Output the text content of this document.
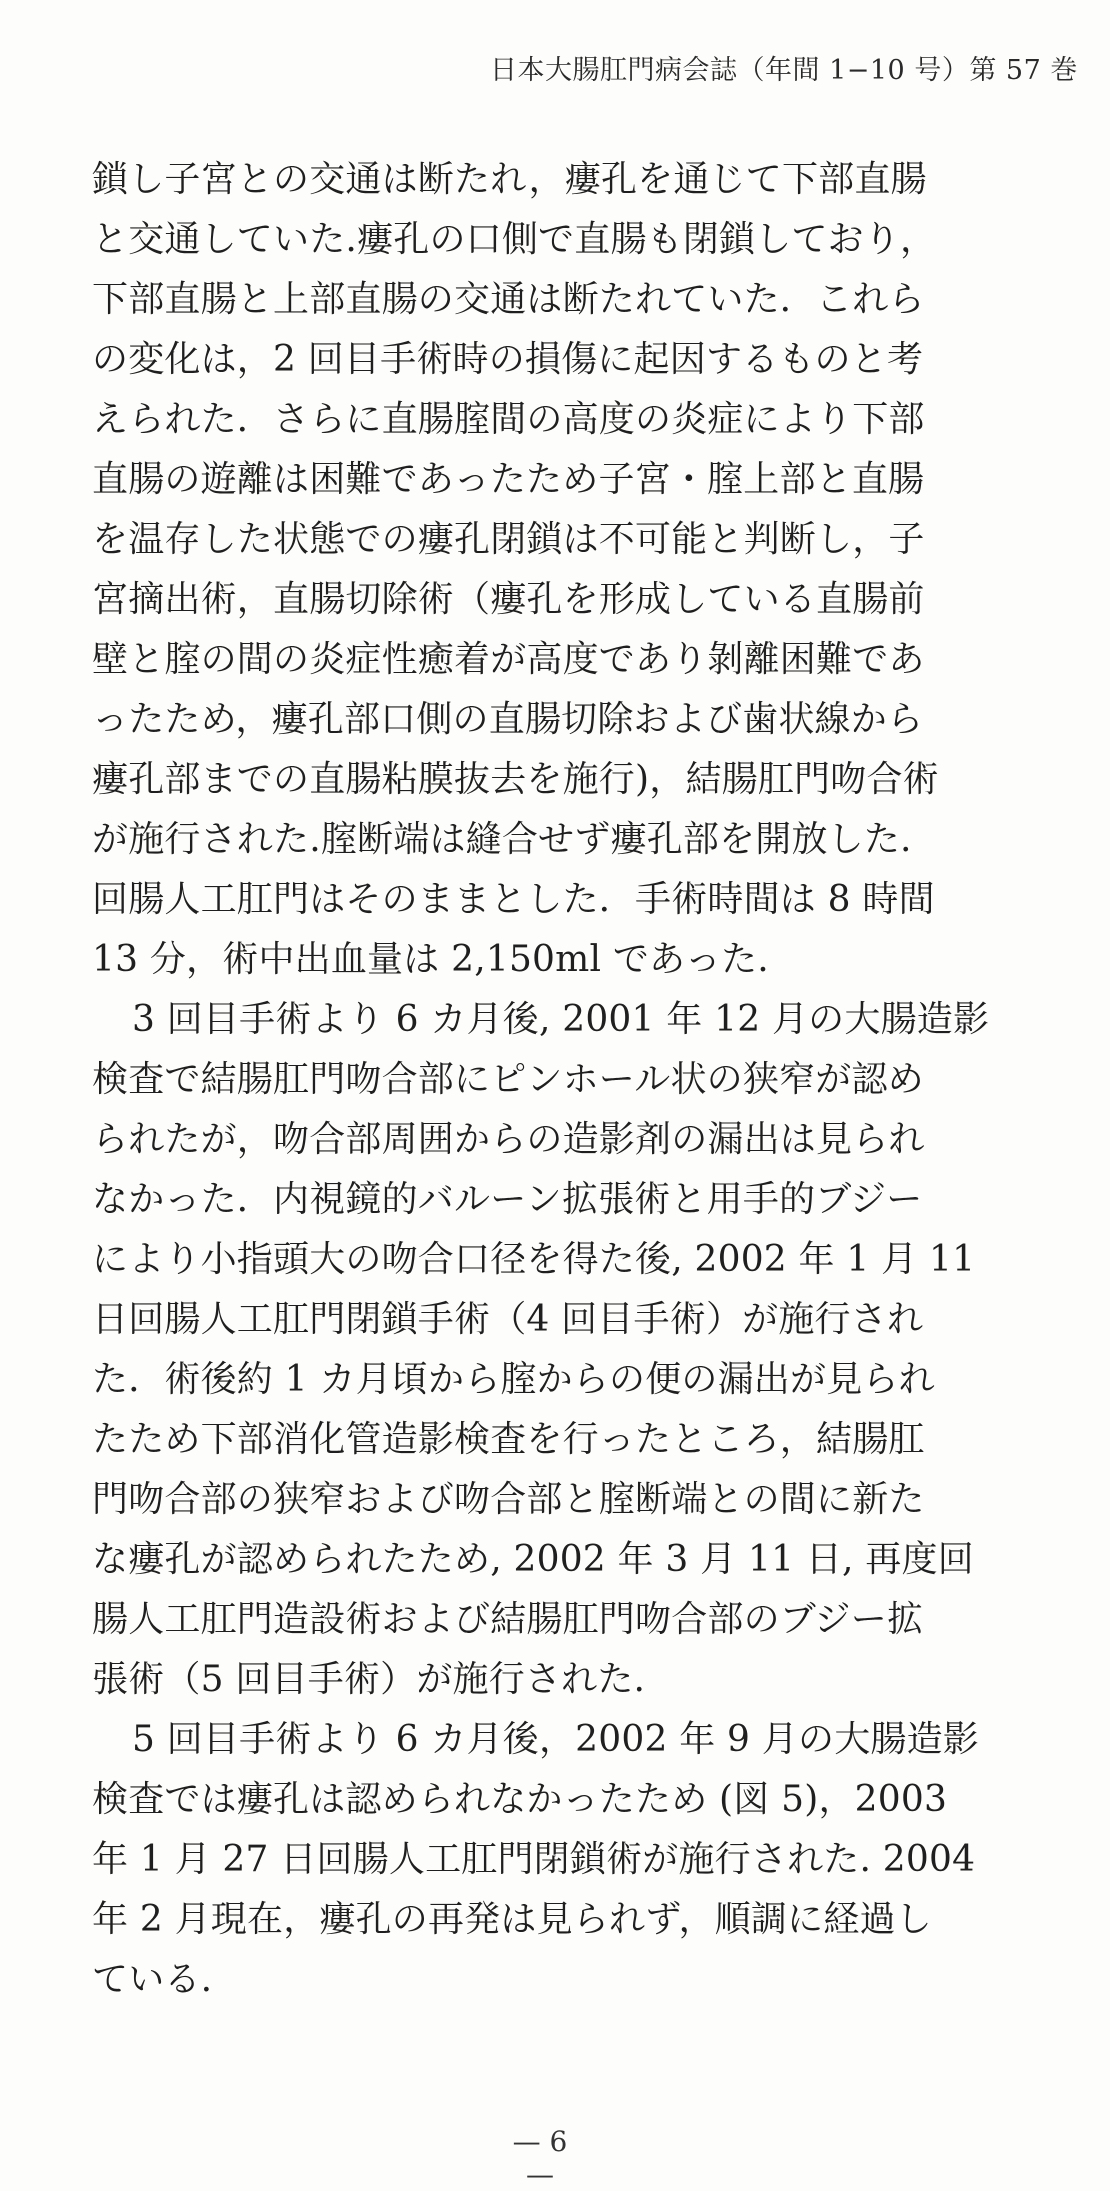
日本大腸肛門病会誌（年間 1−10 号）第 57 巻
鎖し子宮との交通は断たれ，瘻孔を通じて下部直腸
と交通していた.瘻孔の口側で直腸も閉鎖しており，
下部直腸と上部直腸の交通は断たれていた．これら
の変化は，2 回目手術時の損傷に起因するものと考
えられた．さらに直腸腟間の高度の炎症により下部
直腸の遊離は困難であったため子宮・腟上部と直腸
を温存した状態での瘻孔閉鎖は不可能と判断し，子
宮摘出術，直腸切除術（瘻孔を形成している直腸前
壁と腟の間の炎症性癒着が高度であり剝離困難であ
ったため，瘻孔部口側の直腸切除および歯状線から
瘻孔部までの直腸粘膜抜去を施行)，結腸肛門吻合術
が施行された.腟断端は縫合せず瘻孔部を開放した.
回腸人工肛門はそのままとした．手術時間は 8 時間
13 分，術中出血量は 2,150ml であった.
3 回目手術より 6 カ月後, 2001 年 12 月の大腸造影
検査で結腸肛門吻合部にピンホール状の狭窄が認め
られたが，吻合部周囲からの造影剤の漏出は見られ
なかった．内視鏡的バルーン拡張術と用手的ブジー
により小指頭大の吻合口径を得た後, 2002 年 1 月 11
日回腸人工肛門閉鎖手術（4 回目手術）が施行され
た．術後約 1 カ月頃から腟からの便の漏出が見られ
たため下部消化管造影検査を行ったところ，結腸肛
門吻合部の狭窄および吻合部と腟断端との間に新た
な瘻孔が認められたため, 2002 年 3 月 11 日, 再度回
腸人工肛門造設術および結腸肛門吻合部のブジー拡
張術（5 回目手術）が施行された.
5 回目手術より 6 カ月後，2002 年 9 月の大腸造影
検査では瘻孔は認められなかったため (図 5)，2003
年 1 月 27 日回腸人工肛門閉鎖術が施行された. 2004
年 2 月現在，瘻孔の再発は見られず，順調に経過し
ている.
— 6 —
